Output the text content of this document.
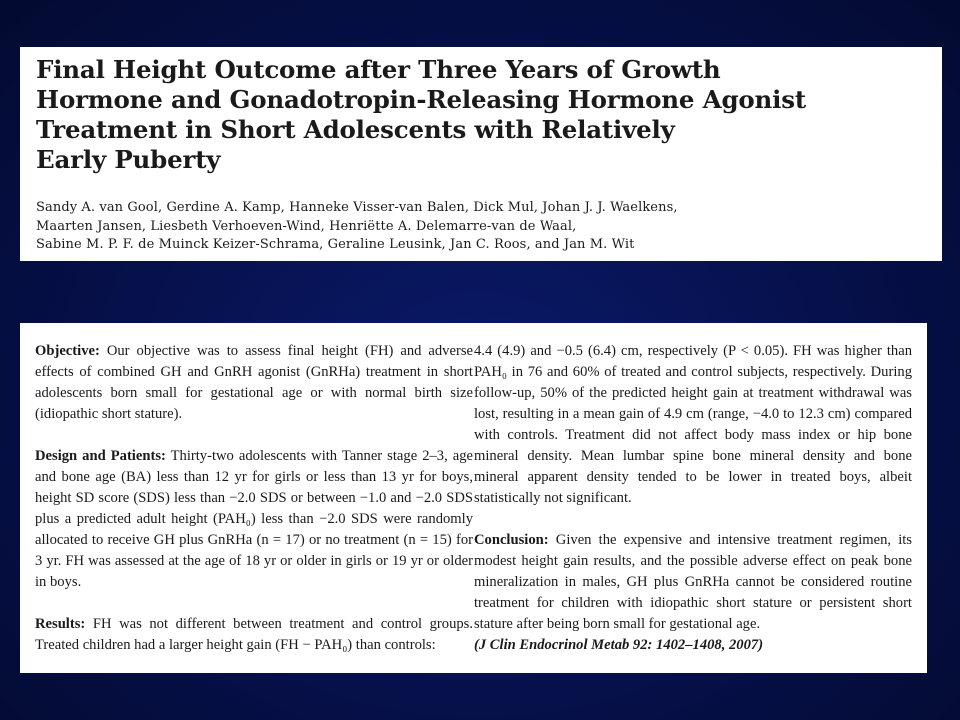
Final Height Outcome after Three Years of Growth
Hormone and Gonadotropin-Releasing Hormone Agonist
Treatment in Short Adolescents with Relatively
Early Puberty
Sandy A. van Gool, Gerdine A. Kamp, Hanneke Visser-van Balen, Dick Mul, Johan J. J. Waelkens,
Maarten Jansen, Liesbeth Verhoeven-Wind, Henriëtte A. Delemarre-van de Waal,
Sabine M. P. F. de Muinck Keizer-Schrama, Geraline Leusink, Jan C. Roos, and Jan M. Wit
Objective: Our objective was to assess final height (FH) and adverse effects of combined GH and GnRH agonist (GnRHa) treatment in short adolescents born small for gestational age or with normal birth size (idiopathic short stature).
Design and Patients: Thirty-two adolescents with Tanner stage 2–3, age and bone age (BA) less than 12 yr for girls or less than 13 yr for boys, height SD score (SDS) less than −2.0 SDS or between −1.0 and −2.0 SDS plus a predicted adult height (PAH₀) less than −2.0 SDS were randomly allocated to receive GH plus GnRHa (n = 17) or no treatment (n = 15) for 3 yr. FH was assessed at the age of 18 yr or older in girls or 19 yr or older in boys.
Results: FH was not different between treatment and control groups. Treated children had a larger height gain (FH − PAH₀) than controls:
4.4 (4.9) and −0.5 (6.4) cm, respectively (P < 0.05). FH was higher than PAH₀ in 76 and 60% of treated and control subjects, respectively. During follow-up, 50% of the predicted height gain at treatment withdrawal was lost, resulting in a mean gain of 4.9 cm (range, −4.0 to 12.3 cm) compared with controls. Treatment did not affect body mass index or hip bone mineral density. Mean lumbar spine bone mineral density and bone mineral apparent density tended to be lower in treated boys, albeit statistically not significant.
Conclusion: Given the expensive and intensive treatment regimen, its modest height gain results, and the possible adverse effect on peak bone mineralization in males, GH plus GnRHa cannot be considered routine treatment for children with idiopathic short stature or persistent short stature after being born small for gestational age.
(J Clin Endocrinol Metab 92: 1402–1408, 2007)
